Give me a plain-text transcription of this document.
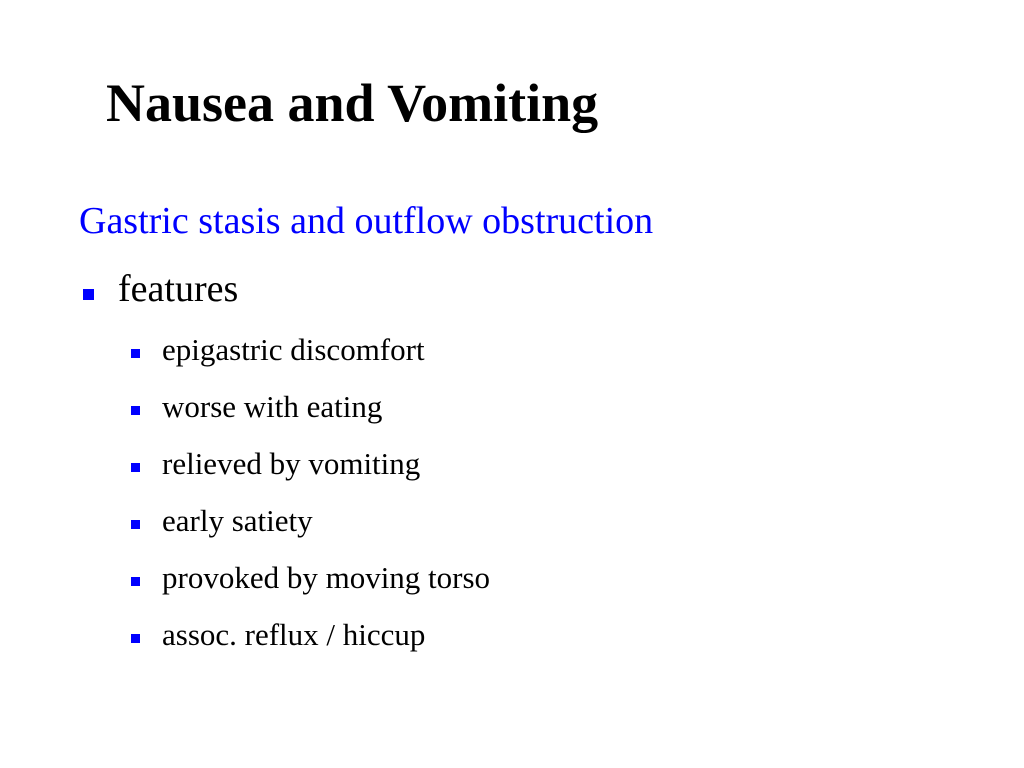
Nausea and Vomiting
Gastric stasis and outflow obstruction
features
epigastric discomfort
worse with eating
relieved by vomiting
early satiety
provoked by moving torso
assoc. reflux / hiccup
